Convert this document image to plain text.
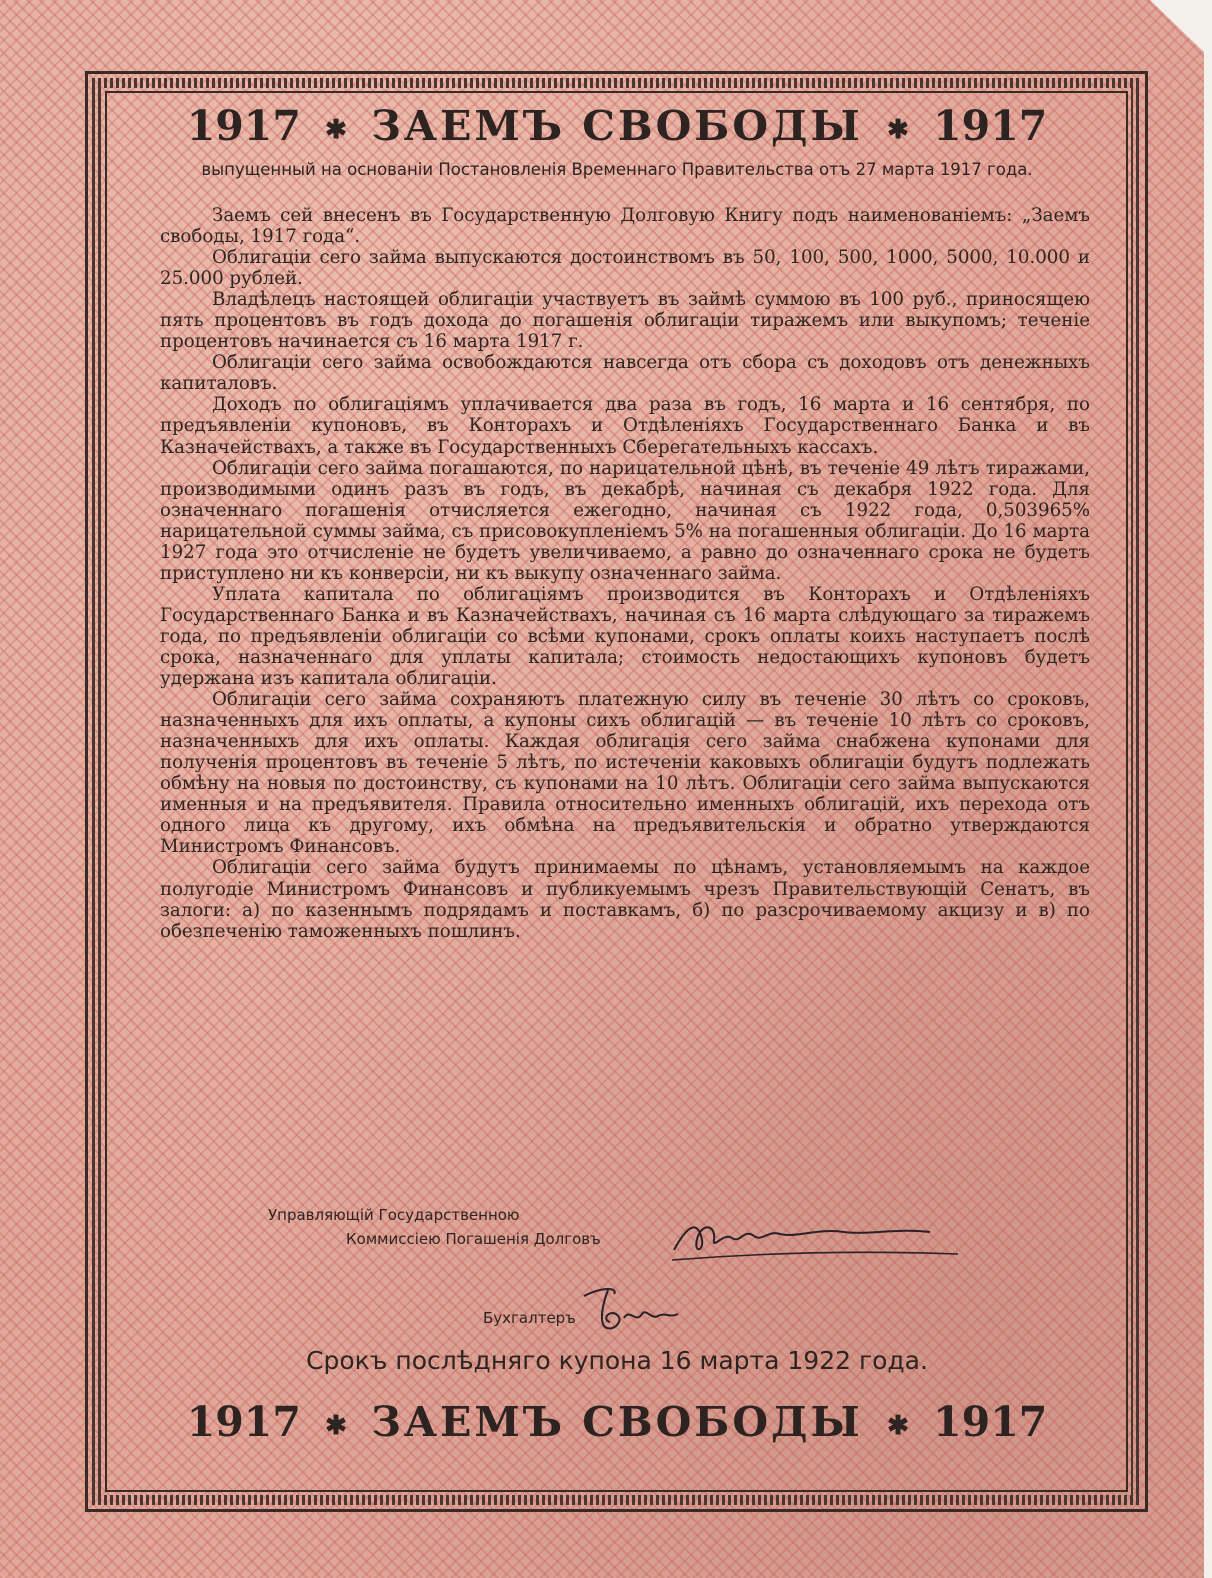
1917 ✱ ЗАЕМЪ СВОБОДЫ ✱ 1917
выпущенный на основаніи Постановленія Временнаго Правительства отъ 27 марта 1917 года.

Заемъ сей внесенъ въ Государственную Долговую Книгу подъ наименованіемъ: „Заемъ свободы, 1917 года“.

Облигаціи сего займа выпускаются достоинствомъ въ 50, 100, 500, 1000, 5000, 10.000 и 25.000 рублей.

Владѣлецъ настоящей облигаціи участвуетъ въ займѣ суммою въ 100 руб., приносящею пять процентовъ въ годъ дохода до погашенія облигаціи тиражемъ или выкупомъ; теченіе процентовъ начинается съ 16 марта 1917 г.

Облигаціи сего займа освобождаются навсегда отъ сбора съ доходовъ отъ денежныхъ капиталовъ.

Доходъ по облигаціямъ уплачивается два раза въ годъ, 16 марта и 16 сентября, по предъявленіи купоновъ, въ Конторахъ и Отдѣленіяхъ Государственнаго Банка и въ Казначействахъ, а также въ Государственныхъ Сберегательныхъ кассахъ.

Облигаціи сего займа погашаются, по нарицательной цѣнѣ, въ теченіе 49 лѣтъ тиражами, производимыми одинъ разъ въ годъ, въ декабрѣ, начиная съ декабря 1922 года. Для означеннаго погашенія отчисляется ежегодно, начиная съ 1922 года, 0,503965% нарицательной суммы займа, съ присовокупленіемъ 5% на погашенныя облигаціи. До 16 марта 1927 года это отчисленіе не будетъ увеличиваемо, а равно до означеннаго срока не будетъ приступлено ни къ конверсіи, ни къ выкупу означеннаго займа.

Уплата капитала по облигаціямъ производится въ Конторахъ и Отдѣленіяхъ Государственнаго Банка и въ Казначействахъ, начиная съ 16 марта слѣдующаго за тиражемъ года, по предъявленіи облигаціи со всѣми купонами, срокъ оплаты коихъ наступаетъ послѣ срока, назначеннаго для уплаты капитала; стоимость недостающихъ купоновъ будетъ удержана изъ капитала облигаціи.

Облигаціи сего займа сохраняютъ платежную силу въ теченіе 30 лѣтъ со сроковъ, назначенныхъ для ихъ оплаты, а купоны сихъ облигацій — въ теченіе 10 лѣтъ со сроковъ, назначенныхъ для ихъ оплаты. Каждая облигація сего займа снабжена купонами для полученія процентовъ въ теченіе 5 лѣтъ, по истеченіи каковыхъ облигаціи будутъ подлежать обмѣну на новыя по достоинству, съ купонами на 10 лѣтъ. Облигаціи сего займа выпускаются именныя и на предъявителя. Правила относительно именныхъ облигацій, ихъ перехода отъ одного лица къ другому, ихъ обмѣна на предъявительскія и обратно утверждаются Министромъ Финансовъ.

Облигаціи сего займа будутъ принимаемы по цѣнамъ, установляемымъ на каждое полугодіе Министромъ Финансовъ и публикуемымъ чрезъ Правительствующій Сенатъ, въ залоги: а) по казеннымъ подрядамъ и поставкамъ, б) по разсрочиваемому акцизу и в) по обезпеченію таможенныхъ пошлинъ.

Управляющій Государственною
Коммиссіею Погашенія Долговъ
Бухгалтеръ
Срокъ послѣдняго купона 16 марта 1922 года.
1917 ✱ ЗАЕМЪ СВОБОДЫ ✱ 1917
